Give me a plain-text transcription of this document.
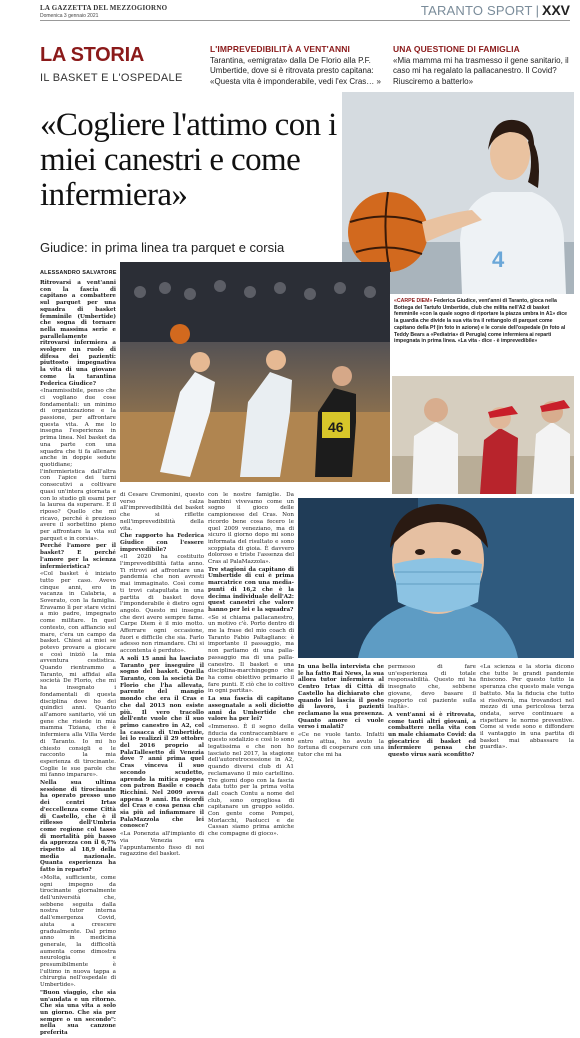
LA GAZZETTA DEL MEZZOGIORNO
Domenica 3 gennaio 2021	TARANTO SPORT | XXV
LA STORIA
IL BASKET E L'OSPEDALE
L'IMPREVEDIBILITÀ A VENT'ANNI

Tarantina, «emigrata» dalla De Florio alla P.F. Umbertide, dove si è ritrovata presto capitana: «Questa vita è imponderabile, vedi l'ex Cras… »

UNA QUESTIONE DI FAMIGLIA

«Mia mamma mi ha trasmesso il gene sanitario, il caso mi ha regalato la pallacanestro. Il Covid? Riusciremo a batterlo»

«Cogliere l'attimo con i miei canestri e come infermiera»
Giudice: in prima linea tra parquet e corsia	4
«CARPE DIEM» Federica Giudice, vent'anni di Taranto, gioca nella Bottega del Tartufo Umbertide, club che milita nell'A2 di basket femminile «con la quale sogno di riportare la piazza umbra in A1» dice la guardia che divide la sua vita tra il rettangolo di parquet come capitano della Pf (in foto in azione) e le corsie dell'ospedale (in foto al Teddy Bears a «Pediatria» di Perugia) come infermiera ai reparti impegnata in prima linea. «La vita - dice - è imprevedibile»
46
ALESSANDRO SALVATORE

Ritrovarsi a vent'anni con la fascia di capitano a combattere sul parquet per una squadra di basket femminile (Umbertide) che sogna di tornare nella massima serie e parallelamente ritrovarsi infermiera a svolgere un ruolo di difesa dei pazienti: piuttosto impegnativa la vita di una giovane come la tarantina Federica Giudice?

«Inammissibile, penso che ci vogliano due cose fondamentali: un minimo di organizzazione e la passione, per affrontare questa vita. A me lo insegna l'esperienza in prima linea. Nel basket da una parte con una squadra che ti fa allenare anche in doppie sedute quotidiane; l'infermieristica dall'altra con l'apice dei turni consecutivi a coltivare quasi un'intera giornata e con lo studio gli esami per la laurea da superare. E il riposo? Quello che mi ricavo, perché è prezioso avere il sorbettino pieno per affrontare la vita sul parquet e in corsia».

Perché l'amore per il basket? E perché l'amore per la scienza infermieristica?

«Col basket è iniziato tutto per caso. Avevo cinque anni, ero in vacanza in Calabria, a Soverato, con la famiglia. Eravamo lì per stare vicini a mio padre, impegnato come militare. In quel contesto, con affiancio sul mare, c'era un campo da basket. Chiesi ai miei se potevo provare a giocare e così iniziò la mia avventura cestistica. Quando rientrammo a Taranto, mi affidai alla società De Florio, che mi ha insegnato i fondamentali di questa disciplina dove ho dei quindici anni. Quanto all'amore sanitario, vié un gene che risiede in mia mamma Tiziana, che è infermiera alla Villa Verde di Taranto. Io mi ho chiesto consigli e le racconto la mia esperienza di tirocinante. Coglie le sue parole che mi fanno imparare».

Nella sua ultima sessione di tirocinante ha operato presso uno dei centri Irtas d'eccellenza come Città di Castello, che è il riflesso dell'Umbria come regione col tasso di mortalità più basso da apprezza con il 6,7% rispetto al 18,9 della media nazionale. Quanta esperienza ha fatto in reparto?

«Molta, sufficiente, come ogni impegno da tirocinante giornalmente dell'università che, sebbene seguita dalla nostra tutor interna dall'emergenza Covid, aiuta a crescere gradualmente. Dal primo anno in medicina generale, la difficoltà aumenta come dimostra neurologia e presumibilmente è l'ultimo in nuova tappa a chirurgia nell'ospedale di Umbertide».

"Buon viaggio, che sia un'andata e un ritorno. Che sia una vita a solo un giorno. Che sia per sempre o un secondo": nella sua canzone preferita

di Cesare Cremonini, questo verso calza all'imprevedibilità del basket che si riflette nell'imprevedibilità della vita.

Che rapporto ha Federica Giudice con l'essere imprevedibile?

«Il 2020 ha costituito l'imprevedibilità fatta anno. Ti ritrovi ad affrontare una pandemia che non avresti mai immaginato. Così come ti trovi catapultata in una partita di basket dove l'imponderabile è dietro ogni angolo. Questo mi insegna che devi avere sempre fame. Carpe Diem è il mio motto. Afferrare ogni occasione, fuori e difficile che sia. Farlo adesso non rimandare. Chi si accontenta è perduto».

A soli 15 anni ha lasciato Taranto per inseguire il sogno del basket. Quella Taranto, con la società De Florio che l'ha allevata, parente del mangio mondo che era il Cras e che dal 2013 non esiste più. Il vero tracollo dell'ente vuole che il suo primo canestro in A2, col la casacca di Umbertide, lei lo realizzi il 29 ottobre del 2016 proprio al PalaTallesetto di Venezia dove 7 anni prima quel Cras vinceva il suo secondo scudetto, aprendo la mitica epopea con patron Basile e coach Ricchini. Nel 2009 aveva appena 9 anni. Ha ricordi del Cras e cosa pensa che sia più ad infiammare il PalaMazzola che lei conosce?

«La Ponenzia all'impianto di via Venezia era l'appuntamento fisso di noi ragazzine del basket.

con le nostre famiglie. Da bambini vivevamo come un sogno il gioco delle campionesse del Cras. Non ricordo bene cosa fecero le quel 2009 veneziano, ma di sicuro il giorno dopo mi sono informata del risultato e sono scoppiata di gioia. È davvero doloroso e triste l'assenza del Cras al PalaMazzola».

Tre stagioni da capitano di Umbertide di cui è prima marcatrice con una media-punti di 16,2 che è la decima individuale dell'A2: quest canestri che valore hanno per lei e la squadra?

«Se si chiama pallacanestro, un motivo c'è. Porto dentro di me la frase del mio coach di Taranto Fabio Paltagliano: è importante il passaggio, ma non parliamo di una palla-passaggio ma di una palla-canestro. Il basket e una disciplina-marchingegno che ha come obiettivo primario il fare punti. E ciò che io coltivo in ogni partita».

La sua fascia di capitano assegnatale a soli diciotto anni da Umbertide che valore ha per lei?

«Immenso. È il segno della fiducia da contraccambiare e questo sodalizio e così lo sono legatissima e che non ho lasciato nel 2017, la stagione dell'autoretrocessione in A2, quando diversi club di A1 reclamavano il mio cartellino. Tre giorni dopo con la fascia data tutto per la prima volta dall coach Contu a nome del club, sono orgogliosa di capitanare un gruppo solido. Con gente come Pompei, Morlacchi, Paolucci e de Cassan siamo prima amiche che compagne di gioco».

In una bella intervista che le ha fatto Rai News, la sua allora tutor infermiera al Centro Irtas di Città di Castello ha dichiarato che quando lei lascia il posto di lavoro, i pazienti reclamano la sua presenza. Quanto amore ci vuole verso i malati?

«Ce ne vuole tanto. Infatti entro attua, ho avuto la fortuna di cooperare con una tutor che mi ha

permesso di fare un'esperienza di totale responsabilità. Questo mi ha insegnato che, sebbene giovane, devo basare il rapporto col paziente sulla lealtà».

A vent'anni si è ritrovata, come tanti altri giovani, a combattere nella vita con un male chiamato Covid: da giocatrice di basket ed infermiere pensa che questo virus sarà sconfitto?

«La scienza e la storia dicono che tutte le grandi pandemie finiscono. Per questo tutto la speranza che questo male venga battuto. Ma la fiducia che tutto si risolverà, ma trovandoci nel mezzo di una pericolosa terza ondata, serve continuare a rispettare le norme preventive. Come si vede sono e diffondere il vantaggio in una partita di basket mai abbassare la guardia».
